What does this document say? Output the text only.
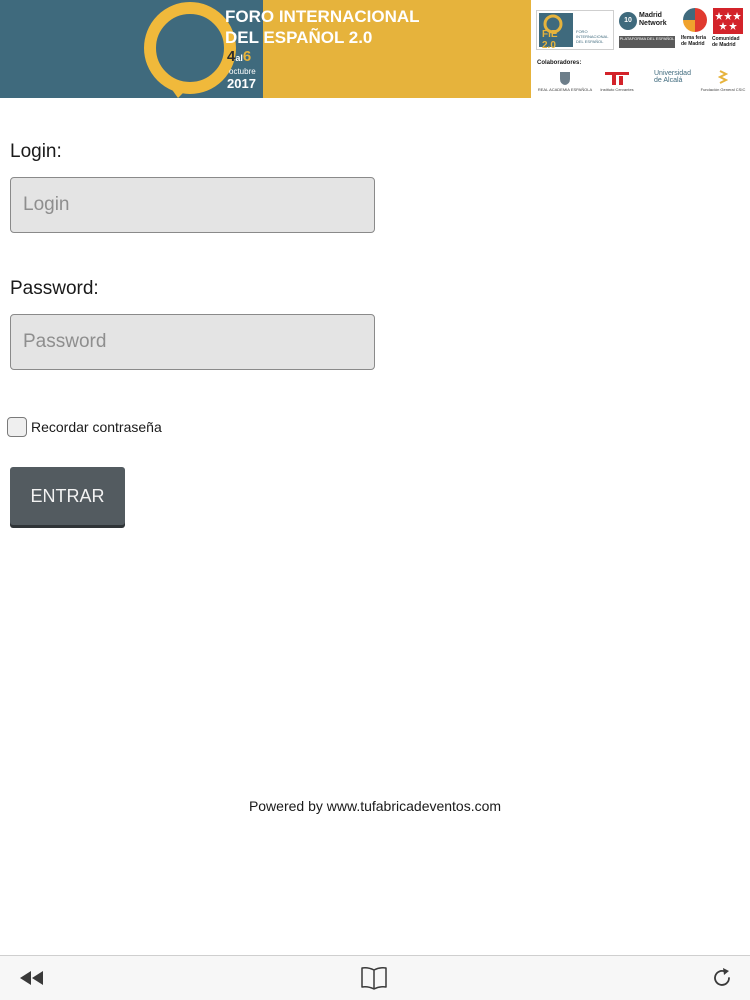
FORO INTERNACIONAL
DEL ESPAÑOL 2.0
4al6
octubre
2017
FiE 2.0
FORO INTERNACIONAL DEL ESPAÑOL
10
Madrid Network
PLATAFORMA DEL ESPAÑOL Ifema feria de Madrid
Comunidad de Madrid
Colaboradores:

REAL ACADEMIA ESPAÑOLA	Instituto Cervantes
Universidad de Alcalá

Fundación General CSIC
Login:
Login
Password:
Recordar contraseña
ENTRAR
Powered by www.tufabricadeventos.com
